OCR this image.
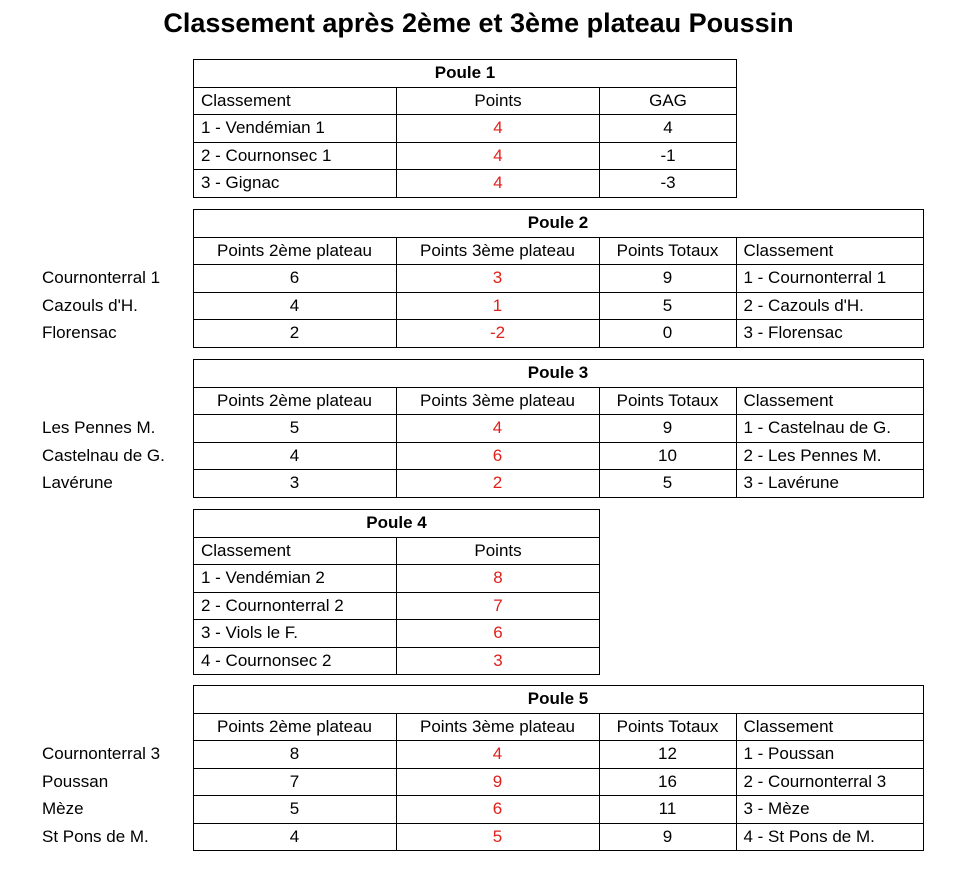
Classement après 2ème et 3ème plateau Poussin
Poule 1		
Classement	Points	GAG
1 - Vendémian 1	4	4
2 - Cournonsec 1	4	-1
3 - Gignac	4	-3
	Poule 2			
	Points 2ème plateau	Points 3ème plateau	Points Totaux	Classement
Cournonterral 1	6	3	9	1 - Cournonterral 1
Cazouls d'H.	4	1	5	2 - Cazouls d'H.
Florensac	2	-2	0	3 - Florensac
	Poule 3			
	Points 2ème plateau	Points 3ème plateau	Points Totaux	Classement
Les Pennes M.	5	4	9	1 - Castelnau de G.
Castelnau de G.	4	6	10	2 - Les Pennes M.
Lavérune	3	2	5	3 - Lavérune
Poule 4	
Classement	Points
1 - Vendémian 2	8
2 - Cournonterral 2	7
3 - Viols le F.	6
4 - Cournonsec 2	3
	Poule 5			
	Points 2ème plateau	Points 3ème plateau	Points Totaux	Classement
Cournonterral 3	8	4	12	1 - Poussan
Poussan	7	9	16	2 - Cournonterral 3
Mèze	5	6	11	3 - Mèze
St Pons de M.	4	5	9	4 - St Pons de M.
